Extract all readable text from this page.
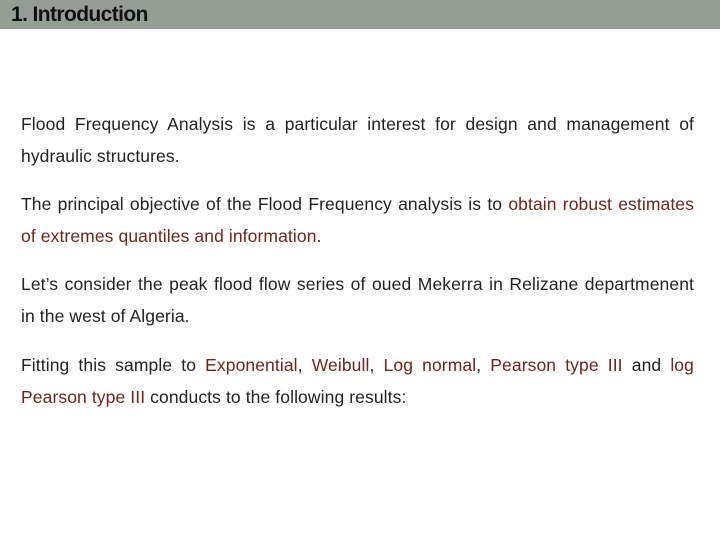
1. Introduction

Flood Frequency Analysis is a particular interest for design and management of hydraulic structures.

The principal objective of the Flood Frequency analysis is to obtain robust estimates of extremes quantiles and information.

Let’s consider the peak flood flow series of oued Mekerra in Relizane departmenent in the west of Algeria.

Fitting this sample to Exponential, Weibull, Log normal, Pearson type III and log Pearson type III conducts to the following results:
